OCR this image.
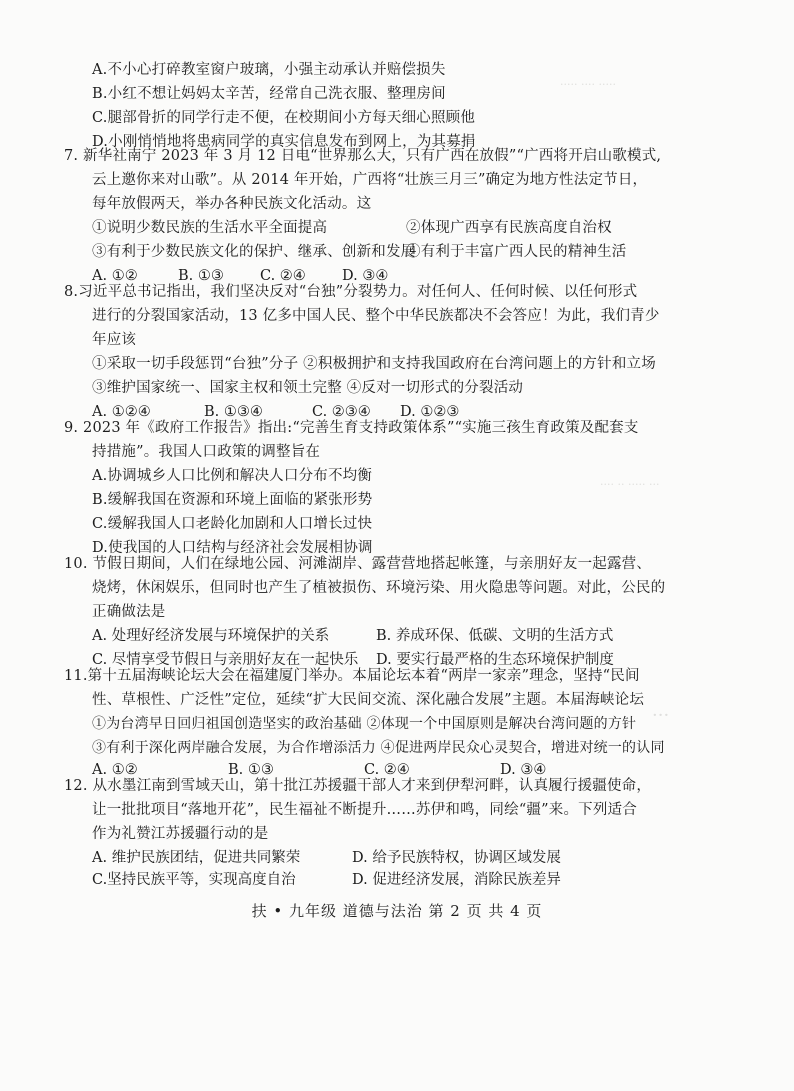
····· ···· ·····
···· ·· ····· ···
···
A.不小心打碎教室窗户玻璃，小强主动承认并赔偿损失
B.小红不想让妈妈太辛苦，经常自己洗衣服、整理房间
C.腿部骨折的同学行走不便，在校期间小方每天细心照顾他
D.小刚悄悄地将患病同学的真实信息发布到网上，为其募捐
7. 新华社南宁 2023 年 3 月 12 日电“世界那么大，只有广西在放假”“广西将开启山歌模式,
云上邀你来对山歌”。从 2014 年开始，广西将“壮族三月三”确定为地方性法定节日，
每年放假两天，举办各种民族文化活动。这
①说明少数民族的生活水平全面提高	②体现广西享有民族高度自治权
③有利于少数民族文化的保护、继承、创新和发展
④有利于丰富广西人民的精神生活
A. ①②	B. ①③ C. ②④ D. ③④
8.习近平总书记指出，我们坚决反对“台独”分裂势力。对任何人、任何时候、以任何形式
进行的分裂国家活动，13 亿多中国人民、整个中华民族都决不会答应！为此，我们青少
年应该
①采取一切手段惩罚“台独”分子 ②积极拥护和支持我国政府在台湾问题上的方针和立场
③维护国家统一、国家主权和领土完整 ④反对一切形式的分裂活动
A. ①②④	B. ①③④	C. ②③④ D. ①②③
9. 2023 年《政府工作报告》指出:“完善生育支持政策体系”“实施三孩生育政策及配套支
持措施”。我国人口政策的调整旨在
A.协调城乡人口比例和解决人口分布不均衡
B.缓解我国在资源和环境上面临的紧张形势
C.缓解我国人口老龄化加剧和人口增长过快
D.使我国的人口结构与经济社会发展相协调
10. 节假日期间，人们在绿地公园、河滩湖岸、露营营地搭起帐篷，与亲朋好友一起露营、
烧烤，休闲娱乐，但同时也产生了植被损伤、环境污染、用火隐患等问题。对此，公民的
正确做法是
A. 处理好经济发展与环境保护的关系	B. 养成环保、低碳、文明的生活方式
C. 尽情享受节假日与亲朋好友在一起快乐 D. 要实行最严格的生态环境保护制度
11.第十五届海峡论坛大会在福建厦门举办。本届论坛本着“两岸一家亲”理念，坚持“民间
性、草根性、广泛性”定位，延续“扩大民间交流、深化融合发展”主题。本届海峡论坛
①为台湾早日回归祖国创造坚实的政治基础 ②体现一个中国原则是解决台湾问题的方针
③有利于深化两岸融合发展，为合作增添活力 ④促进两岸民众心灵契合，增进对统一的认同
A. ①②	B. ①③	C. ②④	D. ③④
12. 从水墨江南到雪域天山，第十批江苏援疆干部人才来到伊犁河畔，认真履行援疆使命，
让一批批项目“落地开花”，民生福祉不断提升……苏伊和鸣，同绘“疆”来。下列适合
作为礼赞江苏援疆行动的是
扶 • 九年级 道德与法治 第 2 页 共 4 页
A. 维护民族团结，促进共同繁荣	D. 给予民族特权，协调区域发展
C.坚持民族平等，实现高度自治	D. 促进经济发展，消除民族差异
